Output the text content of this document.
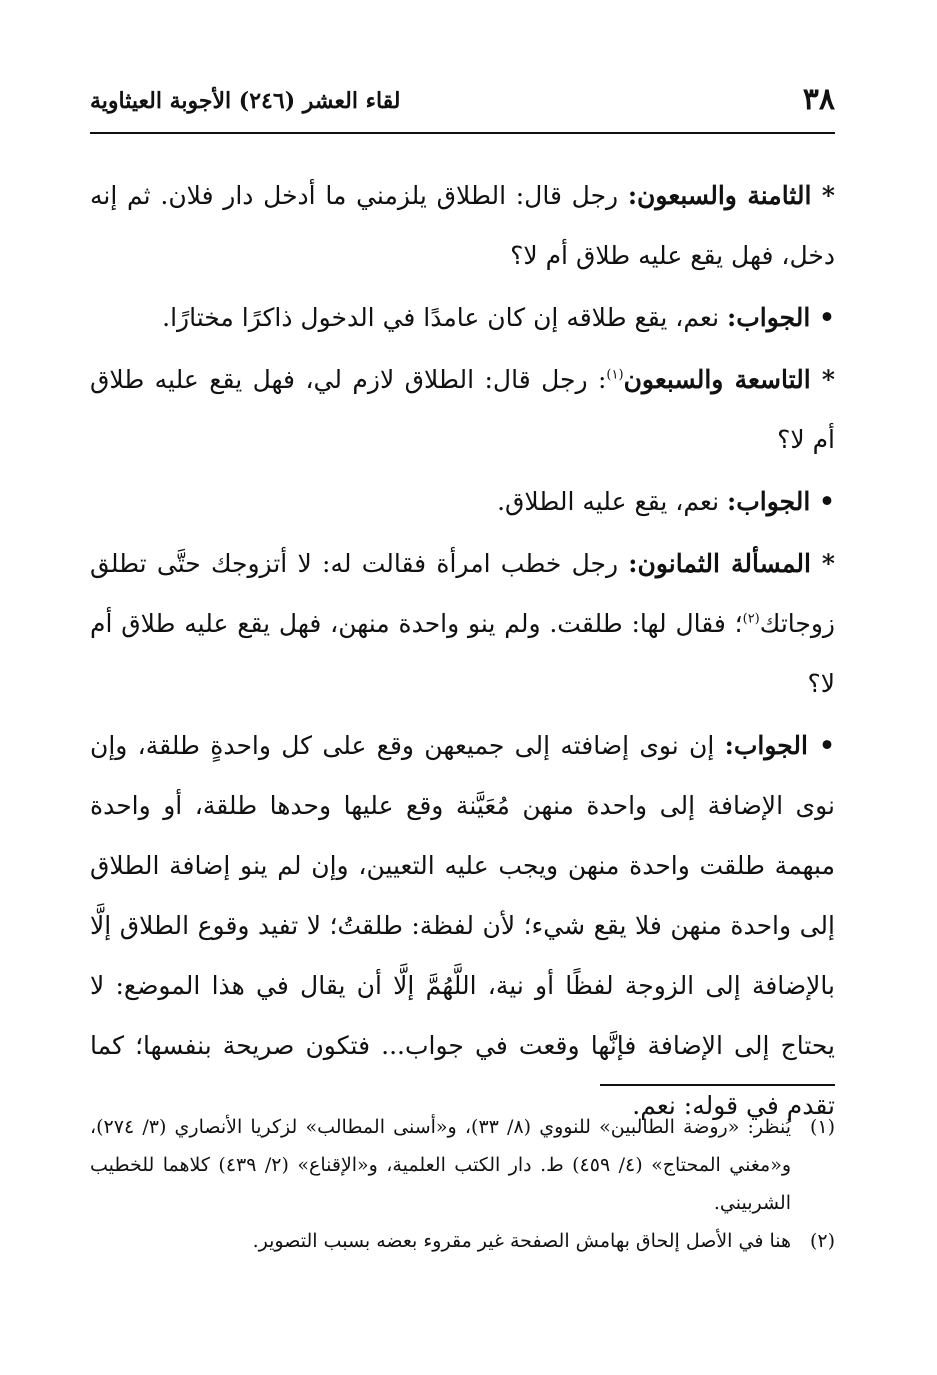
٣٨
لقاء العشر (٢٤٦) الأجوبة العيثاوية

* الثامنة والسبعون: رجل قال: الطلاق يلزمني ما أدخل دار فلان. ثم إنه دخل، فهل يقع عليه طلاق أم لا؟

• الجواب: نعم، يقع طلاقه إن كان عامدًا في الدخول ذاكرًا مختارًا.

* التاسعة والسبعون$^{(١)}$: رجل قال: الطلاق لازم لي، فهل يقع عليه طلاق أم لا؟

• الجواب: نعم، يقع عليه الطلاق.

* المسألة الثمانون: رجل خطب امرأة فقالت له: لا أتزوجك حتَّى تطلق زوجاتك$^{(٢)}$؛ فقال لها: طلقت. ولم ينو واحدة منهن، فهل يقع عليه طلاق أم لا؟

• الجواب: إن نوى إضافته إلى جميعهن وقع على كل واحدةٍ طلقة، وإن نوى الإضافة إلى واحدة منهن مُعَيَّنة وقع عليها وحدها طلقة، أو واحدة مبهمة طلقت واحدة منهن ويجب عليه التعيين، وإن لم ينو إضافة الطلاق إلى واحدة منهن فلا يقع شيء؛ لأن لفظة: طلقتُ؛ لا تفيد وقوع الطلاق إلَّا بالإضافة إلى الزوجة لفظًا أو نية، اللَّهُمَّ إلَّا أن يقال في هذا الموضع: لا يحتاج إلى الإضافة فإنَّها وقعت في جواب... فتكون صريحة بنفسها؛ كما تقدم في قوله: نعم.

(١)
يُنظر: «روضة الطالبين» للنووي (٨/ ٣٣)، و«أسنى المطالب» لزكريا الأنصاري (٣/ ٢٧٤)، و«مغني المحتاج» (٤/ ٤٥٩) ط. دار الكتب العلمية، و«الإقناع» (٢/ ٤٣٩) كلاهما للخطيب الشربيني.

(٢)
هنا في الأصل إلحاق بهامش الصفحة غير مقروء بعضه بسبب التصوير.
